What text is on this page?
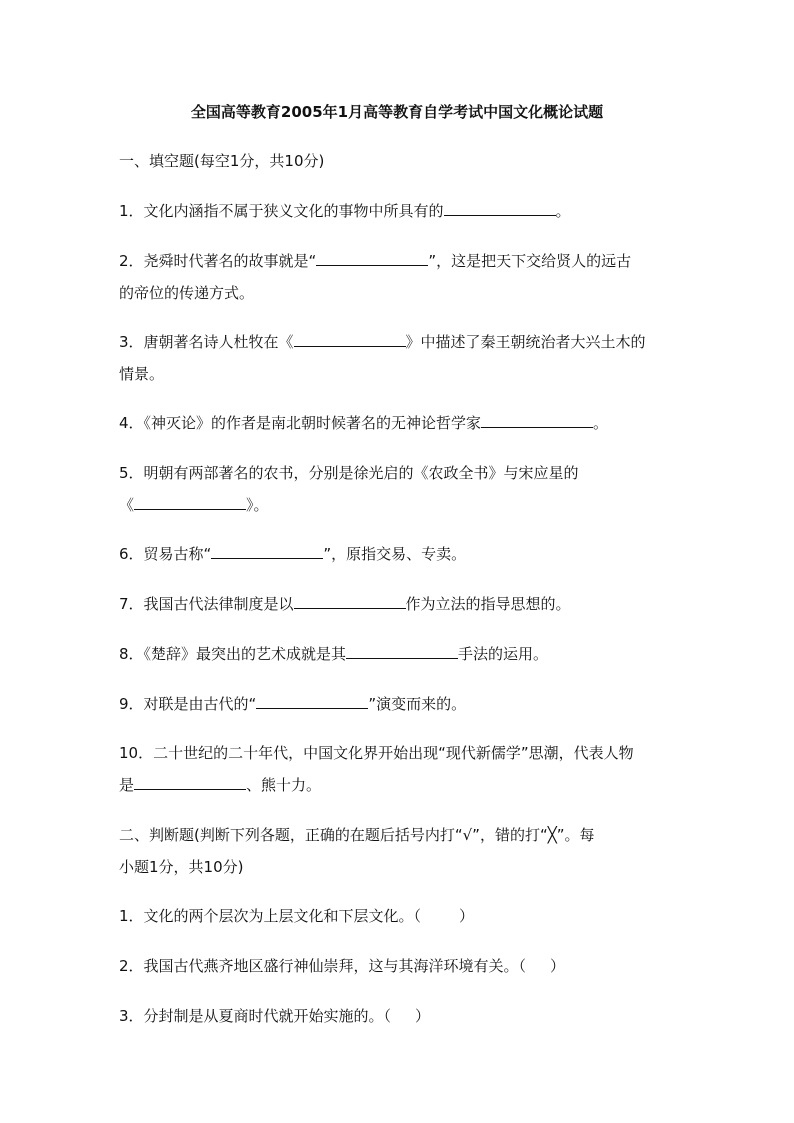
全国高等教育2005年1月高等教育自学考试中国文化概论试题
一、填空题(每空1分，共10分)
1．文化内涵指不属于狭义文化的事物中所具有的	。
2．尧舜时代著名的故事就是“	”，这是把天下交给贤人的远古
的帝位的传递方式。
3．唐朝著名诗人杜牧在《	》中描述了秦王朝统治者大兴土木的
情景。
4．《神灭论》的作者是南北朝时候著名的无神论哲学家	。
5．明朝有两部著名的农书，分别是徐光启的《农政全书》与宋应星的
《	》。
6．贸易古称“	”，原指交易、专卖。
7．我国古代法律制度是以	作为立法的指导思想的。
8．《楚辞》最突出的艺术成就是其	手法的运用。
9．对联是由古代的“	”演变而来的。
10．二十世纪的二十年代，中国文化界开始出现“现代新儒学”思潮，代表人物
是	、熊十力。
二、判断题(判断下列各题，正确的在题后括号内打“√”，错的打“╳”。每
小题1分，共10分)
1．文化的两个层次为上层文化和下层文化。（	）
2．我国古代燕齐地区盛行神仙崇拜，这与其海洋环境有关。（ ）
3．分封制是从夏商时代就开始实施的。（ ）
